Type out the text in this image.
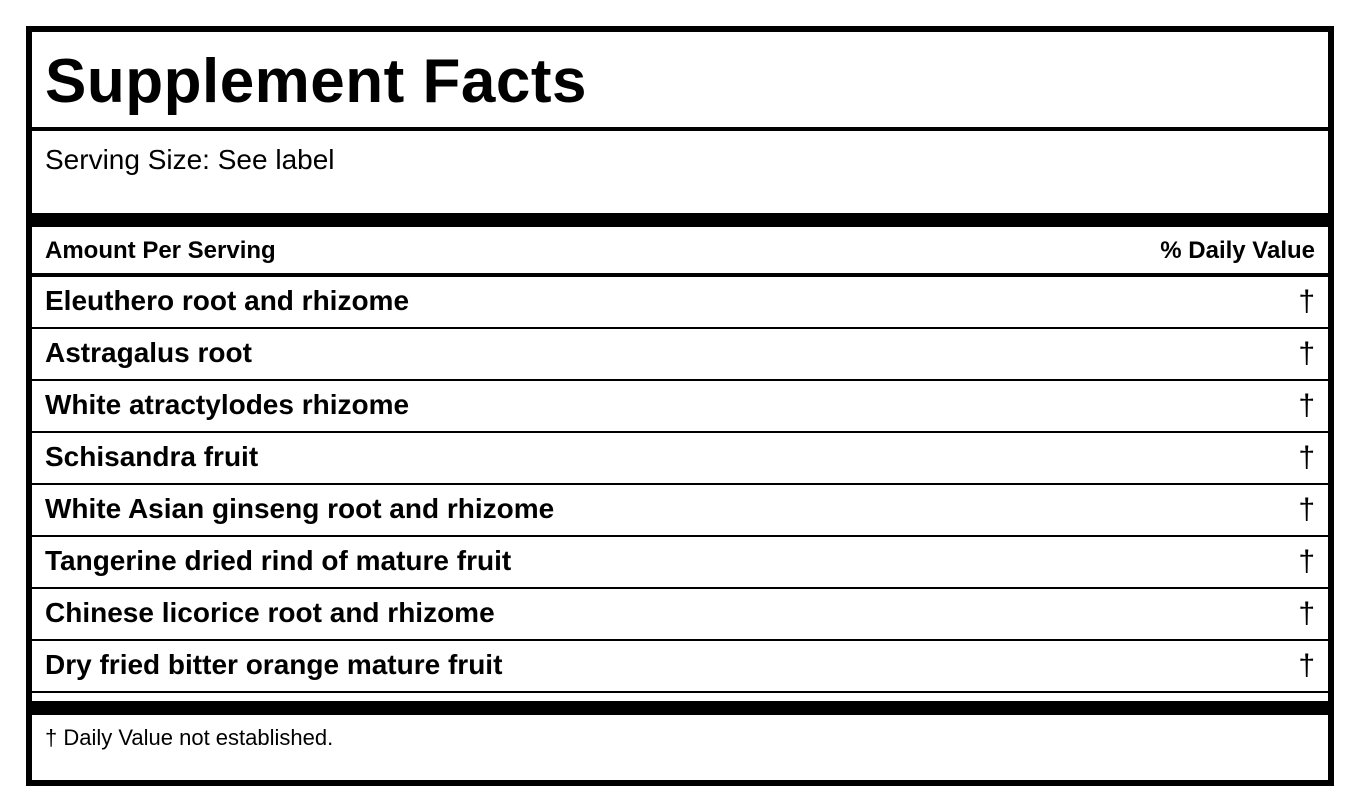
Supplement Facts
Serving Size: See label
Amount Per Serving	% Daily Value
Eleuthero root and rhizome	†
Astragalus root	†
White atractylodes rhizome	†
Schisandra fruit	†
White Asian ginseng root and rhizome	†
Tangerine dried rind of mature fruit	†
Chinese licorice root and rhizome	†
Dry fried bitter orange mature fruit	†
† Daily Value not established.
